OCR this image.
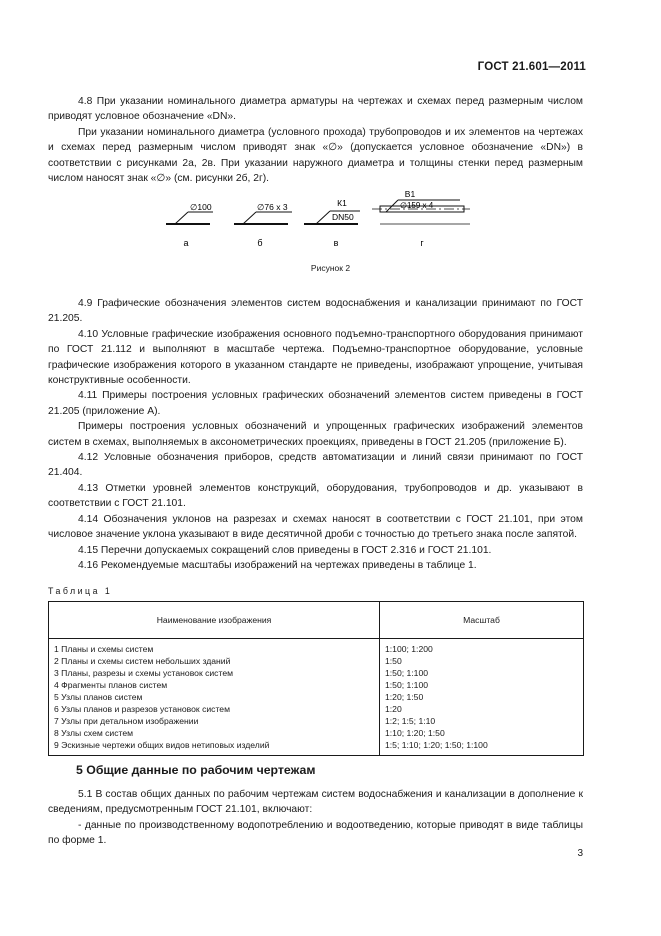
ГОСТ 21.601—2011

4.8 При указании номинального диаметра арматуры на чертежах и схемах перед размерным числом приводят условное обозначение «DN».

При указании номинального диаметра (условного прохода) трубопроводов и их элементов на чертежах и схемах перед размерным числом приводят знак «∅» (допускается условное обозначение «DN») в соответствии с рисунками 2а, 2в. При указании наружного диаметра и толщины стенки перед размерным числом наносят знак «∅» (см. рисунки 2б, 2г).

∅100
а
∅76 х 3
б
К1
DN50
в
В1
∅159 х 4
г
Рисунок 2

4.9 Графические обозначения элементов систем водоснабжения и канализации принимают по ГОСТ 21.205.

4.10 Условные графические изображения основного подъемно-транспортного оборудования принимают по ГОСТ 21.112 и выполняют в масштабе чертежа. Подъемно-транспортное оборудование, условные графические изображения которого в указанном стандарте не приведены, изображают упрощение, учитывая конструктивные особенности.

4.11 Примеры построения условных графических обозначений элементов систем приведены в ГОСТ 21.205 (приложение А).

Примеры построения условных обозначений и упрощенных графических изображений элементов систем в схемах, выполняемых в аксонометрических проекциях, приведены в ГОСТ 21.205 (приложение Б).

4.12 Условные обозначения приборов, средств автоматизации и линий связи принимают по ГОСТ 21.404.

4.13 Отметки уровней элементов конструкций, оборудования, трубопроводов и др. указывают в соответствии с ГОСТ 21.101.

4.14 Обозначения уклонов на разрезах и схемах наносят в соответствии с ГОСТ 21.101, при этом числовое значение уклона указывают в виде десятичной дроби с точностью до третьего знака после запятой.

4.15 Перечни допускаемых сокращений слов приведены в ГОСТ 2.316 и ГОСТ 21.101.

4.16 Рекомендуемые масштабы изображений на чертежах приведены в таблице 1.

Таблица 1
Наименование изображения	Масштаб
1 Планы и схемы систем	1:100; 1:200
2 Планы и схемы систем небольших зданий	1:50
3 Планы, разрезы и схемы установок систем	1:50; 1:100
4 Фрагменты планов систем	1:50; 1:100
5 Узлы планов систем	1:20; 1:50
6 Узлы планов и разрезов установок систем	1:20
7 Узлы при детальном изображении	1:2; 1:5; 1:10
8 Узлы схем систем	1:10; 1:20; 1:50
9 Эскизные чертежи общих видов нетиповых изделий	1:5; 1:10; 1:20; 1:50; 1:100
5 Общие данные по рабочим чертежам

5.1 В состав общих данных по рабочим чертежам систем водоснабжения и канализации в дополнение к сведениям, предусмотренным ГОСТ 21.101, включают:

- данные по производственному водопотреблению и водоотведению, которые приводят в виде таблицы по форме 1.

3
